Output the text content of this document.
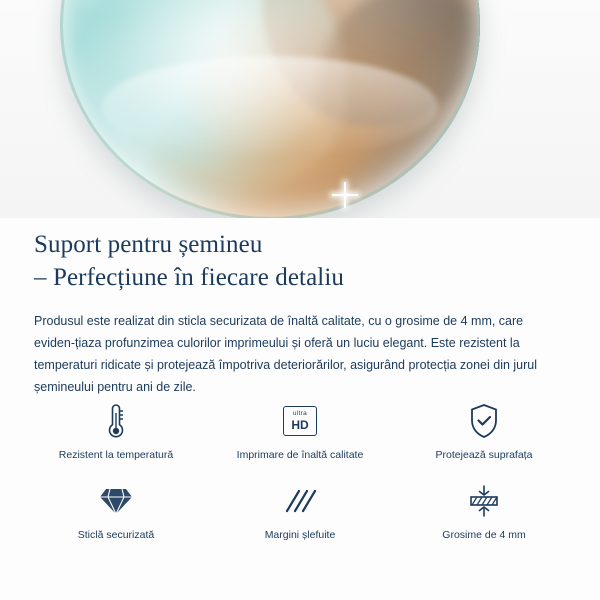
Suport pentru șemineu
– Perfecțiune în fiecare detaliu

Produsul este realizat din sticla securizata de înaltă calitate, cu o grosime de 4 mm, care eviden-țiaza profunzimea culorilor imprimeului și oferă un luciu elegant. Este rezistent la temperaturi ridicate și protejează împotriva deteriorărilor, asigurând protecția zonei din jurul șemineului pentru ani de zile.

Rezistent la temperatură
ultra
HD
Imprimare de înaltă calitate	Protejează suprafața
Sticlă securizată	Margini șlefuite	Grosime de 4 mm
